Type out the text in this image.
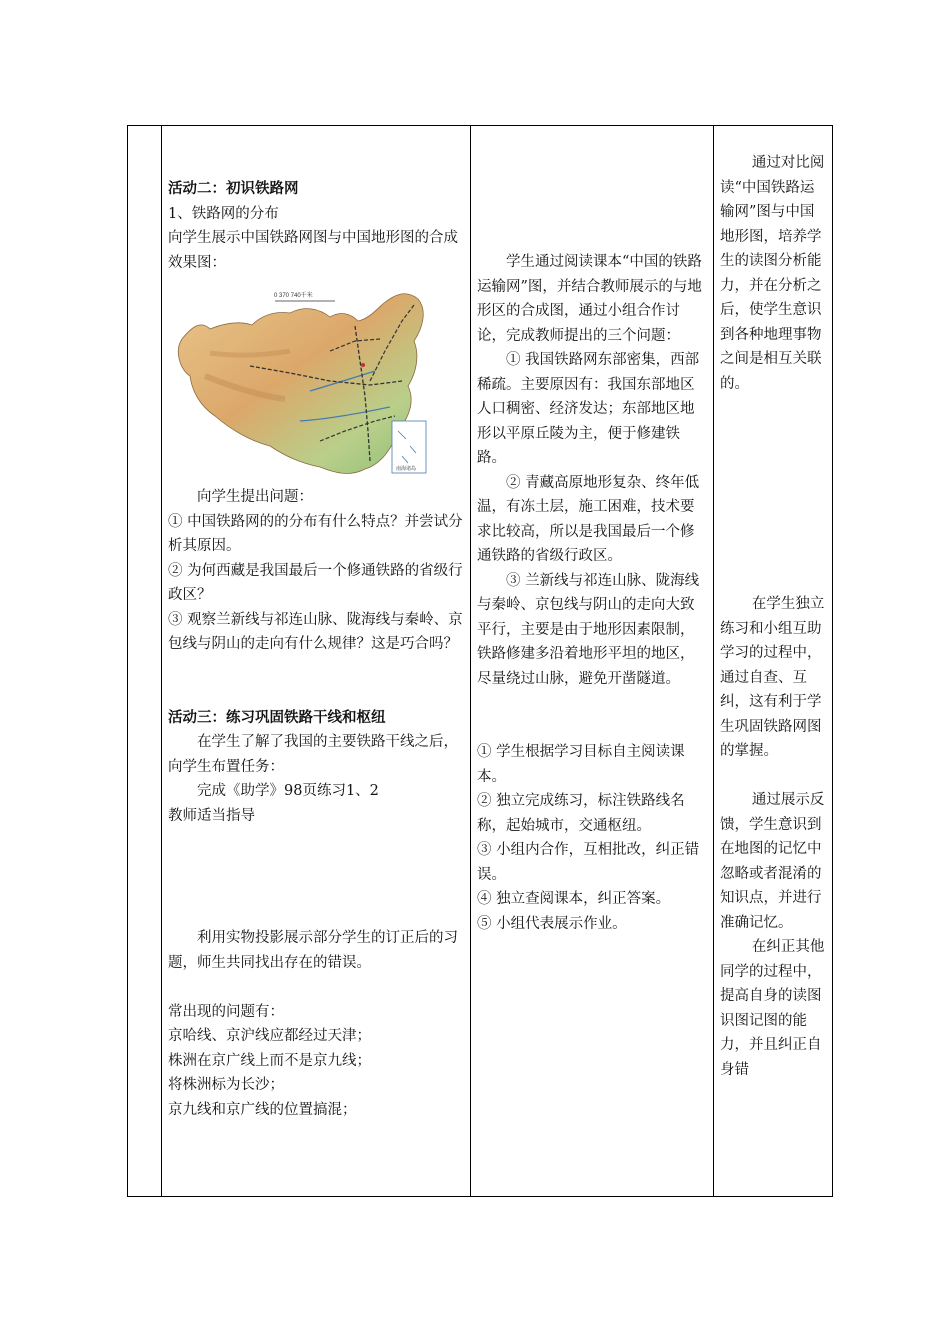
活动二：初识铁路网

1、铁路网的分布

向学生展示中国铁路网图与中国地形图的合成效果图：

0 370 740千米
南海诸岛

向学生提出问题：

① 中国铁路网的的分布有什么特点？并尝试分析其原因。

② 为何西藏是我国最后一个修通铁路的省级行政区？

③ 观察兰新线与祁连山脉、陇海线与秦岭、京包线与阴山的走向有什么规律？这是巧合吗？

活动三：练习巩固铁路干线和枢纽

在学生了解了我国的主要铁路干线之后，向学生布置任务：

完成《助学》98页练习1、2

教师适当指导

利用实物投影展示部分学生的订正后的习题，师生共同找出存在的错误。

常出现的问题有：

京哈线、京沪线应都经过天津；

株洲在京广线上而不是京九线；

将株洲标为长沙；

京九线和京广线的位置搞混；

学生通过阅读课本“中国的铁路运输网”图，并结合教师展示的与地形区的合成图，通过小组合作讨论，完成教师提出的三个问题：

① 我国铁路网东部密集，西部稀疏。主要原因有：我国东部地区人口稠密、经济发达；东部地区地形以平原丘陵为主，便于修建铁路。

② 青藏高原地形复杂、终年低温，有冻土层，施工困难，技术要求比较高，所以是我国最后一个修通铁路的省级行政区。

③ 兰新线与祁连山脉、陇海线与秦岭、京包线与阴山的走向大致平行，主要是由于地形因素限制，铁路修建多沿着地形平坦的地区，尽量绕过山脉，避免开凿隧道。

① 学生根据学习目标自主阅读课本。

② 独立完成练习，标注铁路线名称，起始城市，交通枢纽。

③ 小组内合作，互相批改，纠正错误。

④ 独立查阅课本，纠正答案。

⑤ 小组代表展示作业。

通过对比阅读“中国铁路运输网”图与中国地形图，培养学生的读图分析能力，并在分析之后，使学生意识到各种地理事物之间是相互关联的。

在学生独立练习和小组互助学习的过程中，通过自查、互纠，这有利于学生巩固铁路网图的掌握。

通过展示反馈，学生意识到在地图的记忆中忽略或者混淆的知识点，并进行准确记忆。

在纠正其他同学的过程中，提高自身的读图识图记图的能力，并且纠正自身错
